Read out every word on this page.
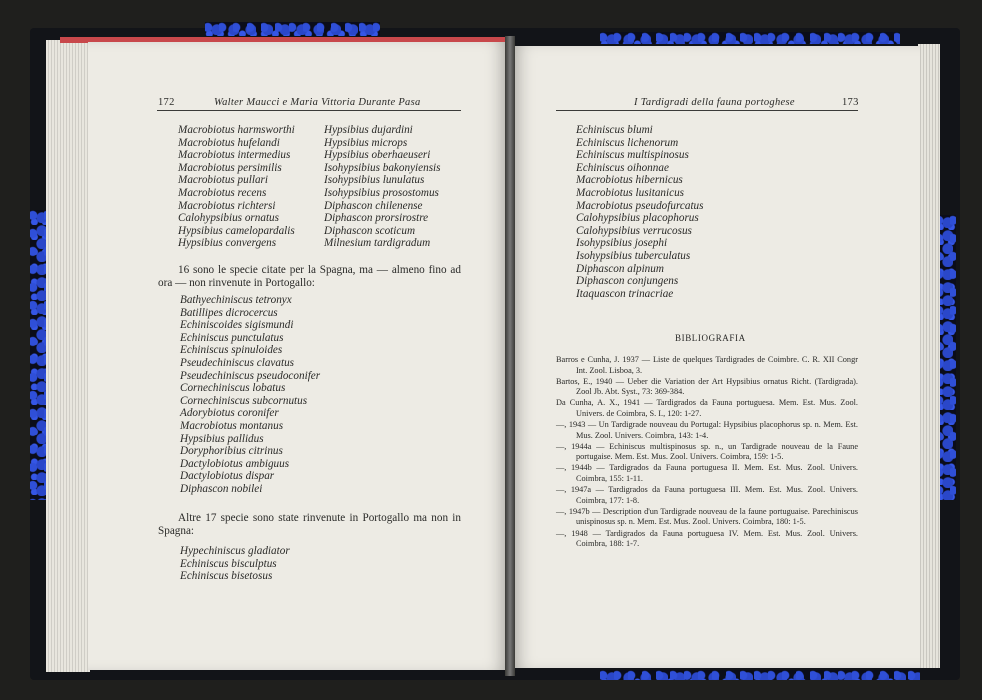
172	Walter Maucci e Maria Vittoria Durante Pasa
Macrobiotus harmsworthi
Macrobiotus hufelandi
Macrobiotus intermedius
Macrobiotus persimilis
Macrobiotus pullari
Macrobiotus recens
Macrobiotus richtersi
Calohypsibius ornatus
Hypsibius camelopardalis
Hypsibius convergens
Hypsibius dujardini
Hypsibius microps
Hypsibius oberhaeuseri
Isohypsibius bakonyiensis
Isohypsibius lunulatus
Isohypsibius prosostomus
Diphascon chilenense
Diphascon prorsirostre
Diphascon scoticum
Milnesium tardigradum
16 sono le specie citate per la Spagna, ma — almeno fino ad ora — non rinvenute in Portogallo:
Bathyechiniscus tetronyx
Batillipes dicrocercus
Echiniscoides sigismundi
Echiniscus punctulatus
Echiniscus spinuloides
Pseudechiniscus clavatus
Pseudechiniscus pseudoconifer
Cornechiniscus lobatus
Cornechiniscus subcornutus
Adorybiotus coronifer
Macrobiotus montanus
Hypsibius pallidus
Doryphoribius citrinus
Dactylobiotus ambiguus
Dactylobiotus dispar
Diphascon nobilei
Altre 17 specie sono state rinvenute in Portogallo ma non in Spagna:
Hypechiniscus gladiator
Echiniscus bisculptus
Echiniscus bisetosus
I Tardigradi della fauna portoghese	173
Echiniscus blumi
Echiniscus lichenorum
Echiniscus multispinosus
Echiniscus oihonnae
Macrobiotus hibernicus
Macrobiotus lusitanicus
Macrobiotus pseudofurcatus
Calohypsibius placophorus
Calohypsibius verrucosus
Isohypsibius josephi
Isohypsibius tuberculatus
Diphascon alpinum
Diphascon conjungens
Itaquascon trinacriae
BIBLIOGRAFIA
Barros e Cunha, J. 1937 — Liste de quelques Tardigrades de Coimbre. C. R. XII Congr Int. Zool. Lisboa, 3.
Bartos, E., 1940 — Ueber die Variation der Art Hypsibius ornatus Richt. (Tardigrada). Zool Jb. Abt. Syst., 73: 369-384.
Da Cunha, A. X., 1941 — Tardigrados da Fauna portuguesa. Mem. Est. Mus. Zool. Univers. de Coimbra, S. I., 120: 1-27.
—, 1943 — Un Tardigrade nouveau du Portugal: Hypsibius placophorus sp. n. Mem. Est. Mus. Zool. Univers. Coimbra, 143: 1-4.
—, 1944a — Echiniscus multispinosus sp. n., un Tardigrade nouveau de la Faune portugaise. Mem. Est. Mus. Zool. Univers. Coimbra, 159: 1-5.
—, 1944b — Tardigrados da Fauna portuguesa II. Mem. Est. Mus. Zool. Univers. Coimbra, 155: 1-11.
—, 1947a — Tardigrados da Fauna portuguesa III. Mem. Est. Mus. Zool. Univers. Coimbra, 177: 1-8.
—, 1947b — Description d'un Tardigrade nouveau de la faune portuguaise. Parechiniscus unispinosus sp. n. Mem. Est. Mus. Zool. Univers. Coimbra, 180: 1-5.
—, 1948 — Tardigrados da Fauna portuguesa IV. Mem. Est. Mus. Zool. Univers. Coimbra, 188: 1-7.
